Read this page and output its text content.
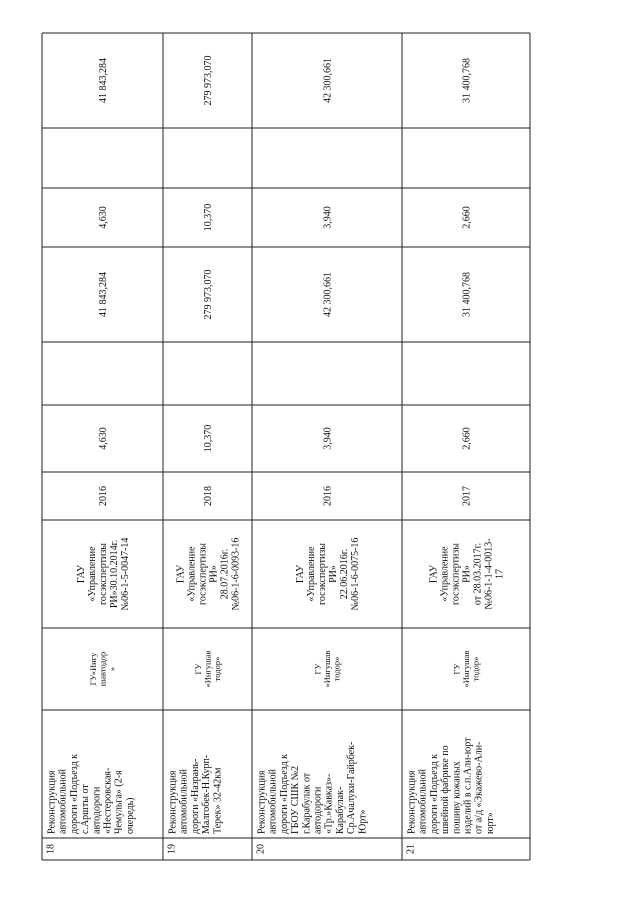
18
Реконструкцияавтомобильнойдороги «Подъезд кс.Аршты отавтодороги«Нестеровская-Чемульга» (2-яочередь)
ГУ«Ингушавтодор»
ГАУ«УправлениегосэкспертизыРИ»30.10.2014г.№06-1-5-0047-14
2016
4,630
41 843,284
4,630
41 843,284
19
Реконструкцияавтомобильнойдороги «Назрань-Малгобек-Н.Курп-Терек» 32-42км
ГУ«Ингушавтодор»
ГАУ«УправлениегосэкспертизыРИ»28.07.2016г.№06-1-6-0093-16
2018
10,370
279 973,070
10,370
279 973,070
20
Реконструкцияавтомобильнойдороги «Подъезд кГБОУ СШК №2г.Карабулак отавтодороги«Тр.»Кавказ»-Карабулак-Ср.Ачалуки-Гайрбек-Юрт»
ГУ«Ингушавтодор»
ГАУ«УправлениегосэкспертизыРИ»22.06.2016г.№06-1-6-0075-16
2016
3,940
42 300,661
3,940
42 300,661
21
Реконструкцияавтомобильнойдороги «Подъезд кшвейной фабрике попошиву кожаныхизделий в с.п.Али-юртот а/д «Экажево-Али-юрт»
ГУ«Ингушавтодор»
ГАУ«УправлениегосэкспертизыРИ»от 28.03.2017г.№06-1-1-4-0013-17
2017
2,660
31 400,768
2,660
31 400,768
